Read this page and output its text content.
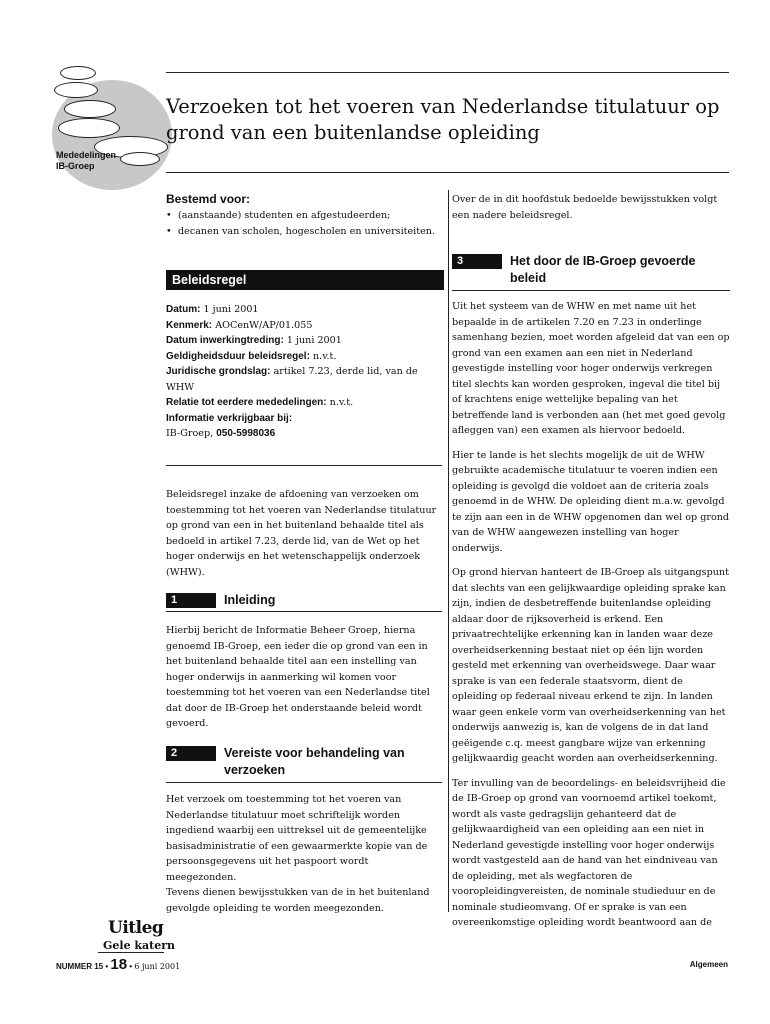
Mededelingen
IB-Groep
Verzoeken tot het voeren van Nederlandse titulatuur op grond van een buitenlandse opleiding
Bestemd voor:
• (aanstaande) studenten en afgestudeerden;
• decanen van scholen, hogescholen en universiteiten.
Beleidsregel
Datum: 1 juni 2001
Kenmerk: AOCenW/AP/01.055
Datum inwerkingtreding: 1 juni 2001
Geldigheidsduur beleidsregel: n.v.t.
Juridische grondslag: artikel 7.23, derde lid, van de WHW
Relatie tot eerdere mededelingen: n.v.t.
Informatie verkrijgbaar bij:
IB-Groep, 050-5998036

Beleidsregel inzake de afdoening van verzoeken om toestemming tot het voeren van Nederlandse titulatuur op grond van een in het buitenland behaalde titel als bedoeld in artikel 7.23, derde lid, van de Wet op het hoger onderwijs en het wetenschappelijk onderzoek (WHW).

1	Inleiding

Hierbij bericht de Informatie Beheer Groep, hierna genoemd IB-Groep, een ieder die op grond van een in het buitenland behaalde titel aan een instelling van hoger onderwijs in aanmerking wil komen voor toestemming tot het voeren van een Nederlandse titel dat door de IB-Groep het onderstaande beleid wordt gevoerd.

2	Vereiste voor behandeling van verzoeken

Het verzoek om toestemming tot het voeren van Nederlandse titulatuur moet schriftelijk worden ingediend waarbij een uittreksel uit de gemeentelijke basisadministratie of een gewaarmerkte kopie van de persoonsgegevens uit het paspoort wordt meegezonden.

Tevens dienen bewijsstukken van de in het buitenland gevolgde opleiding te worden meegezonden.

Over de in dit hoofdstuk bedoelde bewijsstukken volgt een nadere beleidsregel.

3	Het door de IB-Groep gevoerde beleid

Uit het systeem van de WHW en met name uit het bepaalde in de artikelen 7.20 en 7.23 in onderlinge samenhang bezien, moet worden afgeleid dat van een op grond van een examen aan een niet in Nederland gevestigde instelling voor hoger onderwijs verkregen titel slechts kan worden gesproken, ingeval die titel bij of krachtens enige wettelijke bepaling van het betreffende land is verbonden aan (het met goed gevolg afleggen van) een examen als hiervoor bedoeld.

Hier te lande is het slechts mogelijk de uit de WHW gebruikte academische titulatuur te voeren indien een opleiding is gevolgd die voldoet aan de criteria zoals genoemd in de WHW. De opleiding dient m.a.w. gevolgd te zijn aan een in de WHW opgenomen dan wel op grond van de WHW aangewezen instelling van hoger onderwijs.

Op grond hiervan hanteert de IB-Groep als uitgangspunt dat slechts van een gelijkwaardige opleiding sprake kan zijn, indien de desbetreffende buitenlandse opleiding aldaar door de rijksoverheid is erkend. Een privaatrechtelijke erkenning kan in landen waar deze overheidserkenning bestaat niet op één lijn worden gesteld met erkenning van overheidswege. Daar waar sprake is van een federale staatsvorm, dient de opleiding op federaal niveau erkend te zijn. In landen waar geen enkele vorm van overheidserkenning van het onderwijs aanwezig is, kan de volgens de in dat land geëigende c.q. meest gangbare wijze van erkenning gelijkwaardig geacht worden aan overheidserkenning.

Ter invulling van de beoordelings- en beleidsvrijheid die de IB-Groep op grond van voornoemd artikel toekomt, wordt als vaste gedragslijn gehanteerd dat de gelijkwaardigheid van een opleiding aan een niet in Nederland gevestigde instelling voor hoger onderwijs wordt vastgesteld aan de hand van het eindniveau van de opleiding, met als wegfactoren de vooropleidingvereisten, de nominale studieduur en de nominale studieomvang. Of er sprake is van een overeenkomstige opleiding wordt beantwoord aan de

Uitleg
Gele katern
NUMMER 15 • 18 • 6 juni 2001	Algemeen
